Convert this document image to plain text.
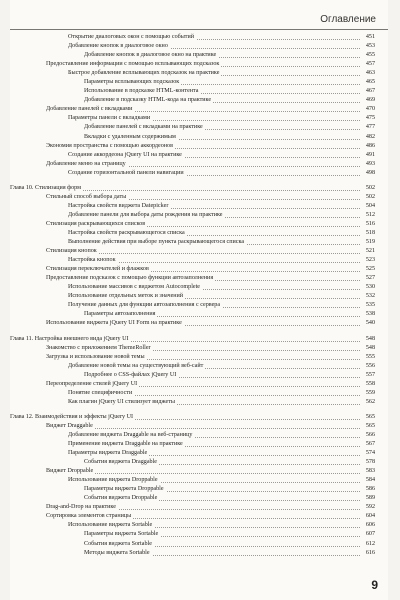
Оглавление
Открытие диалоговых окон с помощью событий	451
Добавление кнопок в диалоговое окно	453
Добавление кнопок в диалоговое окно на практике	455
Предоставление информации с помощью всплывающих подсказок	457
Быстрое добавление всплывающих подсказок на практике	463
Параметры всплывающих подсказок	465
Использование в подсказке HTML-контента	467
Добавление в подсказку HTML-кода на практике	469
Добавление панелей с вкладками	470
Параметры панели с вкладками	475
Добавление панелей с вкладками на практике	477
Вкладки с удаленным содержимым	482
Экономия пространства с помощью аккордеонов	486
Создание аккордеона jQuery UI на практике	491
Добавление меню на страницу	493
Создание горизонтальной панели навигации	498
Глава 10. Стилизация форм	502
Стильный способ выбора даты	502
Настройка свойств виджета Datepicker	504
Добавление панели для выбора даты рождения на практике	512
Стилизация раскрывающихся списков	516
Настройка свойств раскрывающегося списка	518
Выполнение действия при выборе пункта раскрывающегося списка	519
Стилизация кнопок	521
Настройка кнопок	523
Стилизация переключателей и флажков	525
Предоставление подсказок с помощью функции автозаполнения	527
Использование массивов с виджетом Autocomplete	530
Использование отдельных меток и значений	532
Получение данных для функции автозаполнения с сервера	535
Параметры автозаполнения	538
Использование виджета jQuery UI Form на практике	540
Глава 11. Настройка внешнего вида jQuery UI	548
Знакомство с приложением ThemeRoller	548
Загрузка и использование новой темы	555
Добавление новой темы на существующий веб-сайт	556
Подробнее о CSS-файлах jQuery UI	557
Переопределение стилей jQuery UI	558
Понятие специфичности	559
Как плагин jQuery UI стилизует виджеты	562
Глава 12. Взаимодействия и эффекты jQuery UI	565
Виджет Draggable	565
Добавление виджета Draggable на веб-страницу	566
Применение виджета Draggable на практике	567
Параметры виджета Draggable	574
События виджета Draggable	578
Виджет Droppable	583
Использование виджета Droppable	584
Параметры виджета Droppable	586
События виджета Droppable	589
Drag-and-Drop на практике	592
Сортировка элементов страницы	604
Использование виджета Sortable	606
Параметры виджета Sortable	607
События виджета Sortable	612
Методы виджета Sortable	616
9
